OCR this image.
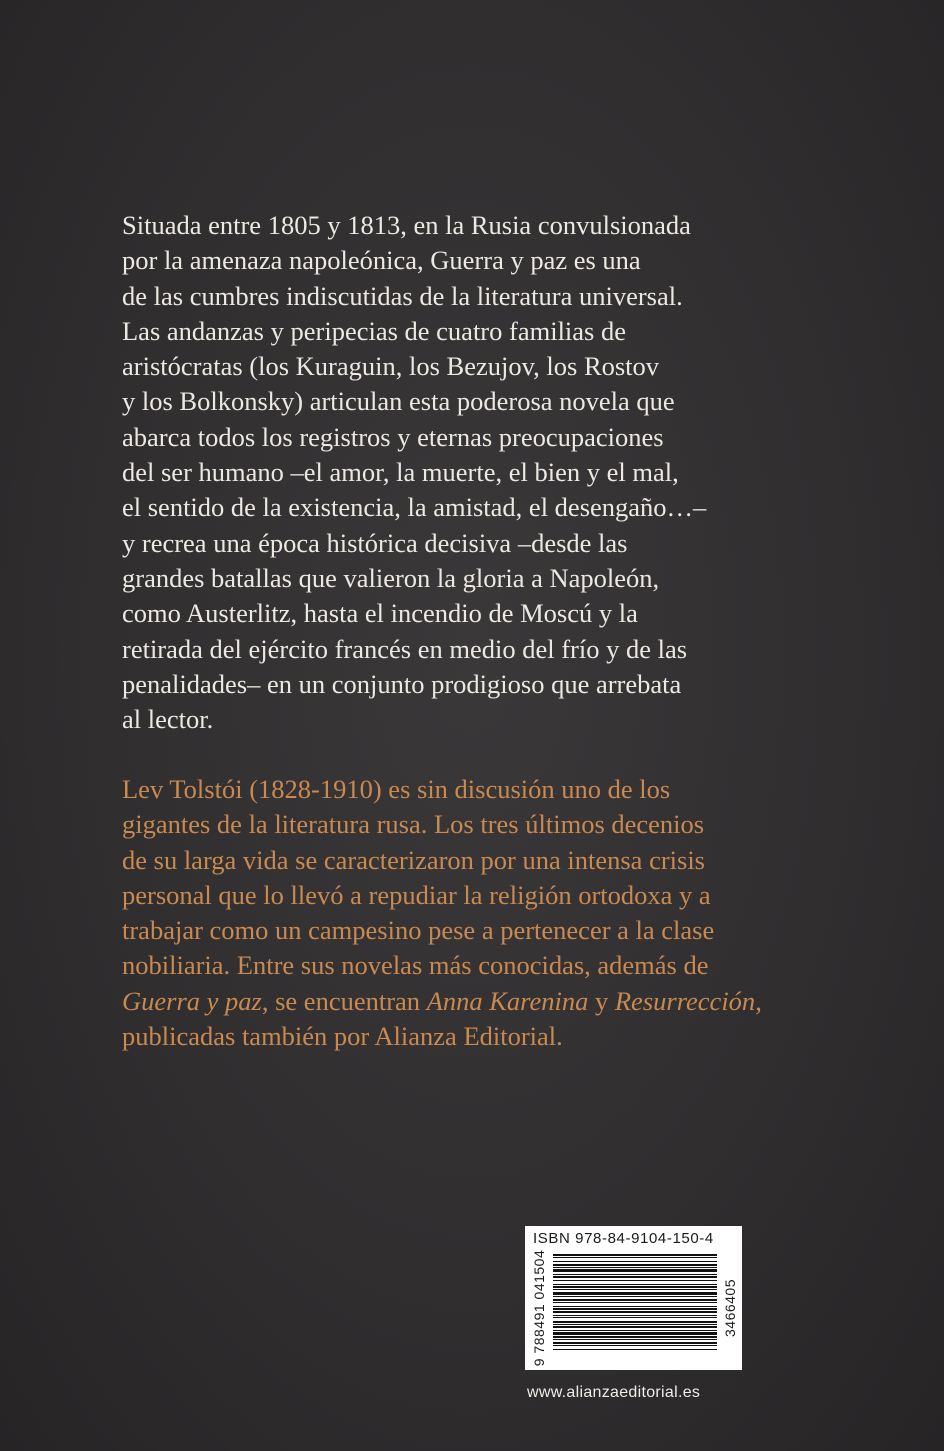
Situada entre 1805 y 1813, en la Rusia convulsionada
por la amenaza napoleónica, Guerra y paz es una
de las cumbres indiscutidas de la literatura universal.
Las andanzas y peripecias de cuatro familias de
aristócratas (los Kuraguin, los Bezujov, los Rostov
y los Bolkonsky) articulan esta poderosa novela que
abarca todos los registros y eternas preocupaciones
del ser humano –el amor, la muerte, el bien y el mal,
el sentido de la existencia, la amistad, el desengaño…–
y recrea una época histórica decisiva –desde las
grandes batallas que valieron la gloria a Napoleón,
como Austerlitz, hasta el incendio de Moscú y la
retirada del ejército francés en medio del frío y de las
penalidades– en un conjunto prodigioso que arrebata
al lector.

Lev Tolstói (1828-1910) es sin discusión uno de los
gigantes de la literatura rusa. Los tres últimos decenios
de su larga vida se caracterizaron por una intensa crisis
personal que lo llevó a repudiar la religión ortodoxa y a
trabajar como un campesino pese a pertenecer a la clase
nobiliaria. Entre sus novelas más conocidas, además de
Guerra y paz, se encuentran Anna Karenina y Resurrección,
publicadas también por Alianza Editorial.

ISBN 978-84-9104-150-4
9 788491 041504	3466405
www.alianzaeditorial.es
